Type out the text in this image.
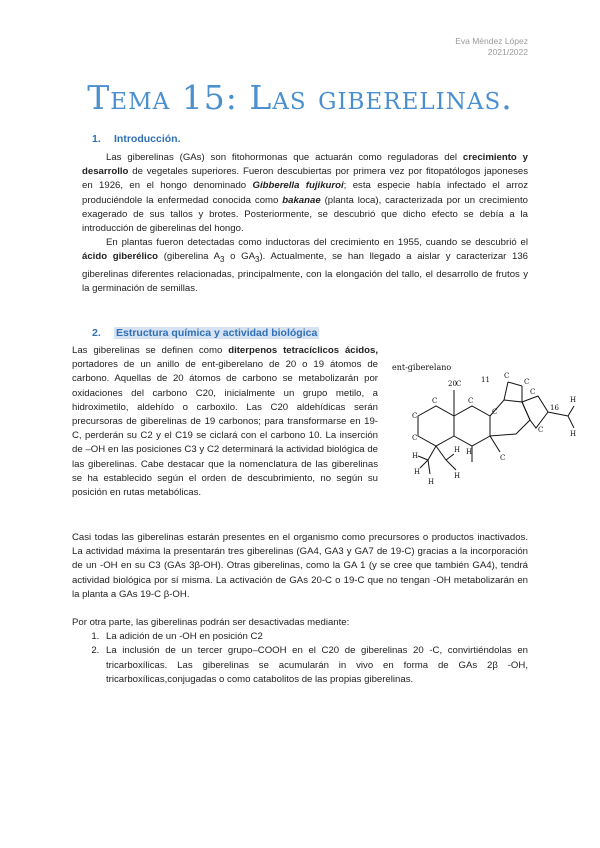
Eva Méndez López
2021/2022
Tema 15: Las giberelinas.
1. Introducción.

Las giberelinas (GAs) son fitohormonas que actuarán como reguladoras del crecimiento y desarrollo de vegetales superiores. Fueron descubiertas por primera vez por fitopatólogos japoneses en 1926, en el hongo denominado Gibberella fujikuroi; esta especie había infectado el arroz produciéndole la enfermedad conocida como bakanae (planta loca), caracterizada por un crecimiento exagerado de sus tallos y brotes. Posteriormente, se descubrió que dicho efecto se debía a la introducción de giberelinas del hongo.

En plantas fueron detectadas como inductoras del crecimiento en 1955, cuando se descubrió el ácido giberélico (giberelina $A_3$ o $GA_3$). Actualmente, se han llegado a aislar y caracterizar 136 giberelinas diferentes relacionadas, principalmente, con la elongación del tallo, el desarrollo de frutos y la germinación de semillas.

2. Estructura química y actividad biológica

Las giberelinas se definen como diterpenos tetracíclicos ácidos, portadores de un anillo de ent-giberelano de 20 o 19 átomos de carbono. Aquellas de 20 átomos de carbono se metabolizarán por oxidaciones del carbono C20, inicialmente un grupo metilo, a hidroximetilo, aldehído o carboxilo. Las C20 aldehídicas serán precursoras de giberelinas de 19 carbonos; para transformarse en 19-C, perderán su C2 y el C19 se ciclará con el carbono 10. La inserción de –OH en las posiciones C3 y C2 determinará la actividad biológica de las giberelinas. Cabe destacar que la nomenclatura de las giberelinas se ha establecido según el orden de descubrimiento, no según su posición en rutas metabólicas.

ent-giberelano
20 C	11 C
C
C
C
C
C
C
C
16
H
H
H
C
H
H
H
H
H
C

Casi todas las giberelinas estarán presentes en el organismo como precursores o productos inactivados. La actividad máxima la presentarán tres giberelinas (GA4, GA3 y GA7 de 19-C) gracias a la incorporación de un -OH en su C3 (GAs 3β-OH). Otras giberelinas, como la GA 1 (y se cree que también GA4), tendrá actividad biológica por sí misma. La activación de GAs 20-C o 19-C que no tengan -OH metabolizarán en la planta a GAs 19-C β-OH.

Por otra parte, las giberelinas podrán ser desactivadas mediante:

1. La adición de un -OH en posición C2
2. La inclusión de un tercer grupo–COOH en el C20 de giberelinas 20 -C, convirtiéndolas en tricarboxílicas. Las giberelinas se acumularán in vivo en forma de GAs 2β -OH, tricarboxílicas,conjugadas o como catabolitos de las propias giberelinas.
